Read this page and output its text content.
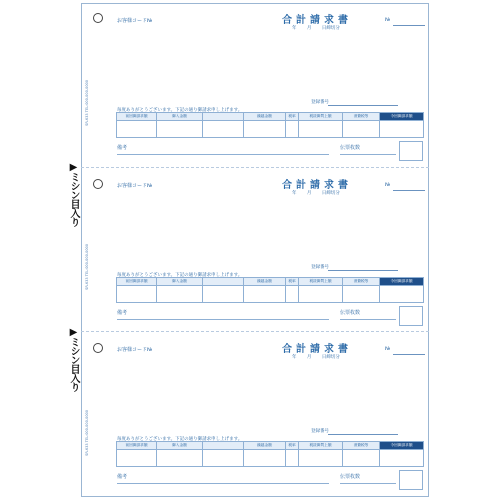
▶ミシン目入り
▶ミシン目入り
SR-633 TEL:000-000-0000
SR-633 TEL:000-000-0000
SR-633 TEL:000-000-0000
お客様コード№	合計請求書
年 月 日締切分
№
登録番号
毎度ありがとうございます。下記の通り御請求申し上げます。
前回御請求額	御入金額		繰越金額	税率	税抜御買上額	消費税等	今回御請求額

備考	伝票枚数
お客様コード№	合計請求書
年 月 日締切分
№
登録番号
毎度ありがとうございます。下記の通り御請求申し上げます。
前回御請求額	御入金額		繰越金額	税率	税抜御買上額	消費税等	今回御請求額

備考	伝票枚数
お客様コード№	合計請求書
年 月 日締切分
№
登録番号
毎度ありがとうございます。下記の通り御請求申し上げます。
前回御請求額	御入金額		繰越金額	税率	税抜御買上額	消費税等	今回御請求額

備考	伝票枚数
